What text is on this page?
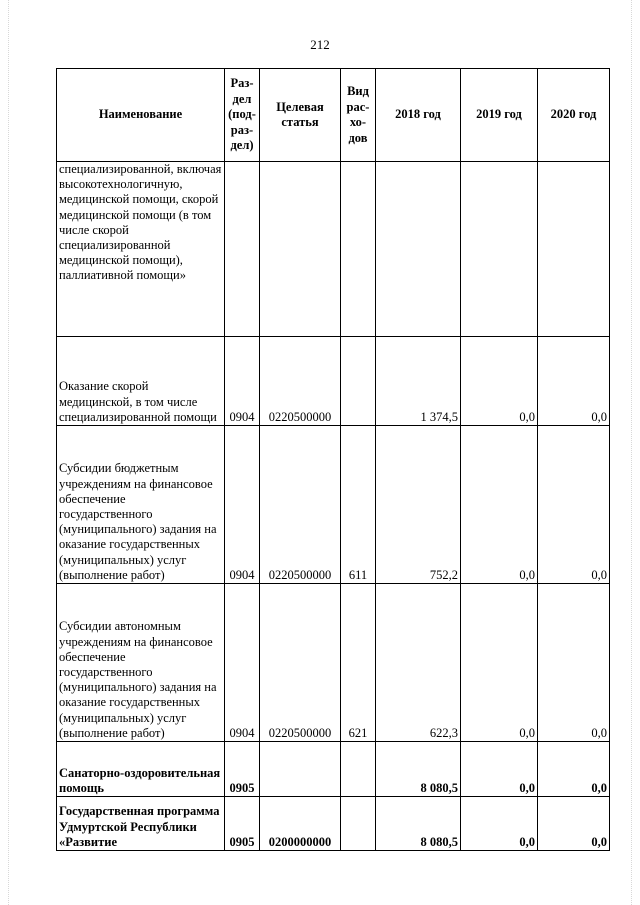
212
Наименование	Раз-дел (под-раз-дел)	Целевая статья	Вид рас-хо-дов	2018 год	2019 год	2020 год
специализированной, включая высокотехнологичную, медицинской помощи, скорой медицинской помощи (в том числе скорой специализированной медицинской помощи), паллиативной помощи»						
Оказание скорой медицинской, в том числе специализированной помощи	0904	0220500000		1 374,5	0,0	0,0
Субсидии бюджетным учреждениям на финансовое обеспечение государственного (муниципального) задания на оказание государственных (муниципальных) услуг (выполнение работ)	0904	0220500000	611	752,2	0,0	0,0
Субсидии автономным учреждениям на финансовое обеспечение государственного (муниципального) задания на оказание государственных (муниципальных) услуг (выполнение работ)	0904	0220500000	621	622,3	0,0	0,0
Санаторно-оздоровительная помощь	0905			8 080,5	0,0	0,0
Государственная программа Удмуртской Республики «Развитие	0905	0200000000		8 080,5	0,0	0,0
